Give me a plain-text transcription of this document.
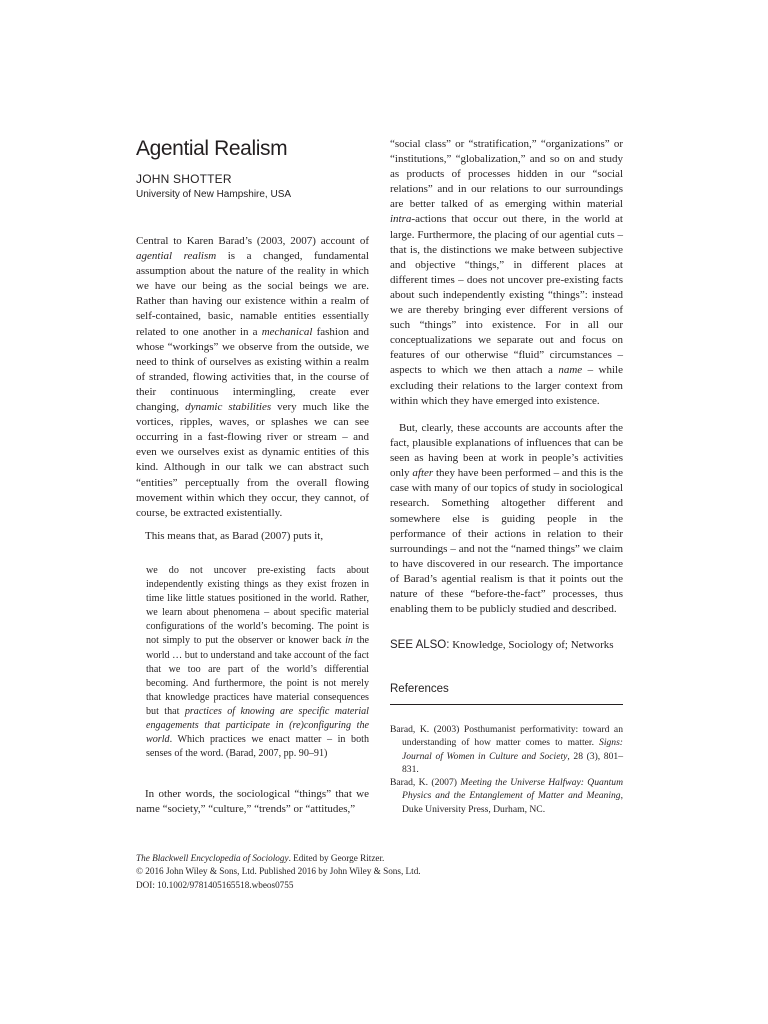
Agential Realism
JOHN SHOTTER
University of New Hampshire, USA

Central to Karen Barad’s (2003, 2007) account of agential realism is a changed, fundamental assumption about the nature of the reality in which we have our being as the social beings we are. Rather than having our existence within a realm of self-contained, basic, namable entities essentially related to one another in a mechanical fashion and whose “workings” we observe from the outside, we need to think of ourselves as existing within a realm of stranded, flowing activities that, in the course of their continuous intermingling, create ever changing, dynamic stabilities very much like the vortices, ripples, waves, or splashes we can see occurring in a fast-flowing river or stream – and even we ourselves exist as dynamic entities of this kind. Although in our talk we can abstract such “entities” perceptually from the overall flowing movement within which they occur, they cannot, of course, be extracted existentially.

This means that, as Barad (2007) puts it,

we do not uncover pre-existing facts about independently existing things as they exist frozen in time like little statues positioned in the world. Rather, we learn about phenomena – about specific material configurations of the world’s becoming. The point is not simply to put the observer or knower back in the world … but to understand and take account of the fact that we too are part of the world’s differential becoming. And furthermore, the point is not merely that knowledge practices have material consequences but that practices of knowing are specific material engagements that participate in (re)configuring the world. Which practices we enact matter – in both senses of the word. (Barad, 2007, pp. 90–91)

In other words, the sociological “things” that we name “society,” “culture,” “trends” or “attitudes,”

“social class” or “stratification,” “organizations” or “institutions,” “globalization,” and so on and study as products of processes hidden in our “social relations” and in our relations to our surroundings are better talked of as emerging within material intra-actions that occur out there, in the world at large. Furthermore, the placing of our agential cuts – that is, the distinctions we make between subjective and objective “things,” in different places at different times – does not uncover pre-existing facts about such independently existing “things”: instead we are thereby bringing ever different versions of such “things” into existence. For in all our conceptualizations we separate out and focus on features of our otherwise “fluid” circumstances – aspects to which we then attach a name – while excluding their relations to the larger context from within which they have emerged into existence.

But, clearly, these accounts are accounts after the fact, plausible explanations of influences that can be seen as having been at work in people’s activities only after they have been performed – and this is the case with many of our topics of study in sociological research. Something altogether different and somewhere else is guiding people in the performance of their actions in relation to their surroundings – and not the “named things” we claim to have discovered in our research. The importance of Barad’s agential realism is that it points out the nature of these “before-the-fact” processes, thus enabling them to be publicly studied and described.

SEE ALSO: Knowledge, Sociology of; Networks
References

Barad, K. (2003) Posthumanist performativity: toward an understanding of how matter comes to matter. Signs: Journal of Women in Culture and Society, 28 (3), 801–831.

Barad, K. (2007) Meeting the Universe Halfway: Quantum Physics and the Entanglement of Matter and Meaning, Duke University Press, Durham, NC.

The Blackwell Encyclopedia of Sociology. Edited by George Ritzer.
© 2016 John Wiley & Sons, Ltd. Published 2016 by John Wiley & Sons, Ltd.
DOI: 10.1002/9781405165518.wbeos0755
